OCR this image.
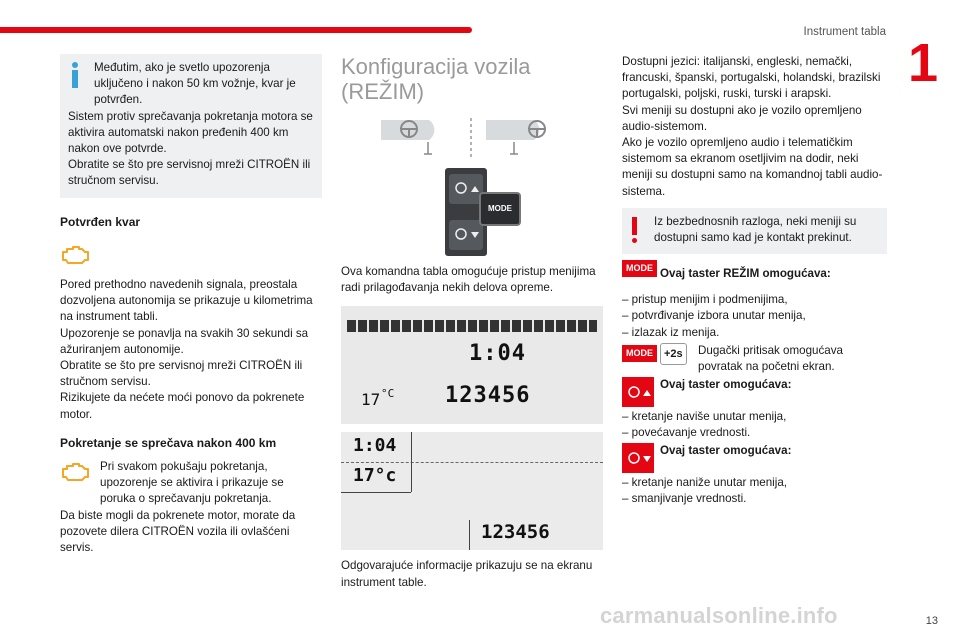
Instrument tabla
1
Međutim, ako je svetlo upozorenja uključeno i nakon 50 km vožnje, kvar je potvrđen.
Sistem protiv sprečavanja pokretanja motora se aktivira automatski nakon pređenih 400 km nakon ove potvrde.
Obratite se što pre servisnoj mreži CITROËN ili stručnom servisu.
Potvrđen kvar
Pored prethodno navedenih signala, preostala dozvoljena autonomija se prikazuje u kilometrima na instrument tabli.
Upozorenje se ponavlja na svakih 30 sekundi sa ažuriranjem autonomije.
Obratite se što pre servisnoj mreži CITROËN ili stručnom servisu.
Rizikujete da nećete moći ponovo da pokrenete motor.
Pokretanje se sprečava nakon 400 km
Pri svakom pokušaju pokretanja, upozorenje se aktivira i prikazuje se poruka o sprečavanju pokretanja.
Da biste mogli da pokrenete motor, morate da pozovete dilera CITROËN vozila ili ovlašćeni servis.
Konfiguracija vozila
(REŽIM)
MODE
Ova komandna tabla omogućuje pristup menijima radi prilagođavanja nekih delova opreme.
1:04
17 °C 123456
1:04
17°c
123456
Odgovarajuće informacije prikazuju se na ekranu instrument table.
Dostupni jezici: italijanski, engleski, nemački, francuski, španski, portugalski, holandski, brazilski portugalski, poljski, ruski, turski i arapski.
Svi meniji su dostupni ako je vozilo opremljeno audio-sistemom.
Ako je vozilo opremljeno audio i telematičkim sistemom sa ekranom osetljivim na dodir, neki meniji su dostupni samo na komandnoj tabli audio-sistema.
Iz bezbednosnih razloga, neki meniji su dostupni samo kad je kontakt prekinut.
MODE Ovaj taster REŽIM omogućava:
– pristup menijim i podmenijima,
– potvrđivanje izbora unutar menija,
– izlazak iz menija.
MODE	+2s	Dugački pritisak omogućava povratak na početni ekran.
Ovaj taster omogućava:
– kretanje naviše unutar menija,
– povećavanje vrednosti.
Ovaj taster omogućava:
– kretanje naniže unutar menija,
– smanjivanje vrednosti.
carmanualsonline.info	13
